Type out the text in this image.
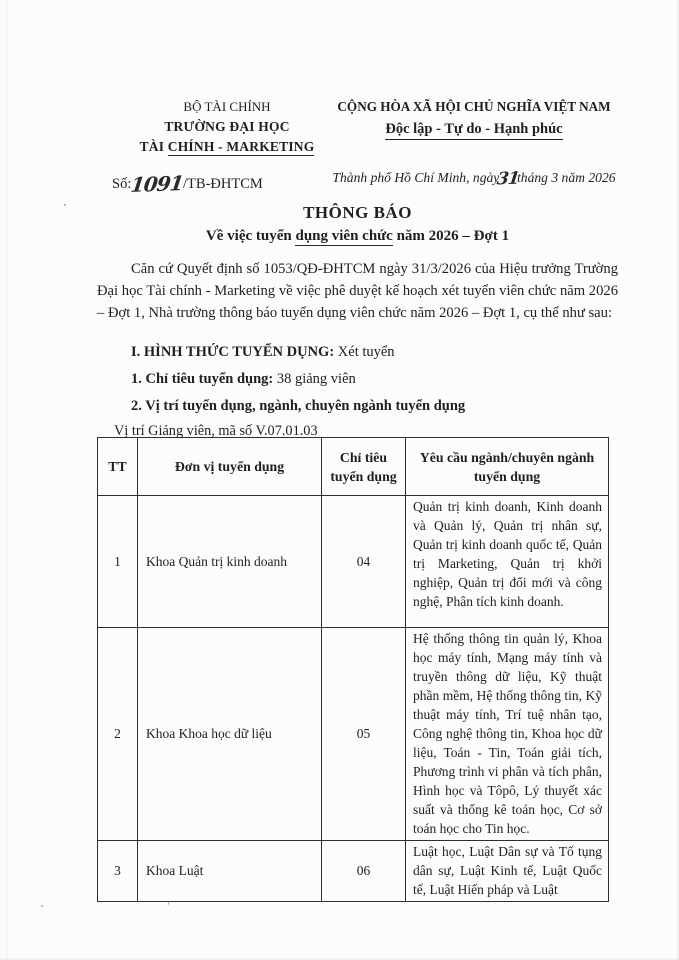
BỘ TÀI CHÍNH
TRƯỜNG ĐẠI HỌC
TÀI CHÍNH - MARKETING
CỘNG HÒA XÃ HỘI CHỦ NGHĨA VIỆT NAM
Độc lập - Tự do - Hạnh phúc
Số:
1091
/TB-ĐHTCM	Thành phố Hồ Chí Minh, ngày31tháng 3 năm 2026
THÔNG BÁO
Về việc tuyển dụng viên chức năm 2026 – Đợt 1

Căn cứ Quyết định số 1053/QĐ-ĐHTCM ngày 31/3/2026 của Hiệu trưởng Trường Đại học Tài chính - Marketing về việc phê duyệt kế hoạch xét tuyển viên chức năm 2026 – Đợt 1, Nhà trường thông báo tuyển dụng viên chức năm 2026 – Đợt 1, cụ thể như sau:

I. HÌNH THỨC TUYỂN DỤNG: Xét tuyển
1. Chỉ tiêu tuyển dụng: 38 giảng viên
2. Vị trí tuyển dụng, ngành, chuyên ngành tuyển dụng
Vị trí Giảng viên, mã số V.07.01.03
TT	Đơn vị tuyển dụng	Chỉ tiêu tuyển dụng	Yêu cầu ngành/chuyên ngành tuyển dụng
1	Khoa Quản trị kinh doanh	04	Quản trị kinh doanh, Kinh doanh và Quản lý, Quản trị nhân sự, Quản trị kinh doanh quốc tế, Quản trị Marketing, Quản trị khởi nghiệp, Quản trị đổi mới và công nghệ, Phân tích kinh doanh.
2	Khoa Khoa học dữ liệu	05	Hệ thống thông tin quản lý, Khoa học máy tính, Mạng máy tính và truyền thông dữ liệu, Kỹ thuật phần mềm, Hệ thống thông tin, Kỹ thuật máy tính, Trí tuệ nhân tạo, Công nghệ thông tin, Khoa học dữ liệu, Toán - Tin, Toán giải tích, Phương trình vi phân và tích phân, Hình học và Tôpô, Lý thuyết xác suất và thống kê toán học, Cơ sở toán học cho Tin học.
3	Khoa Luật	06	Luật học, Luật Dân sự và Tố tụng dân sự, Luật Kinh tế, Luật Quốc tế, Luật Hiến pháp và Luật
